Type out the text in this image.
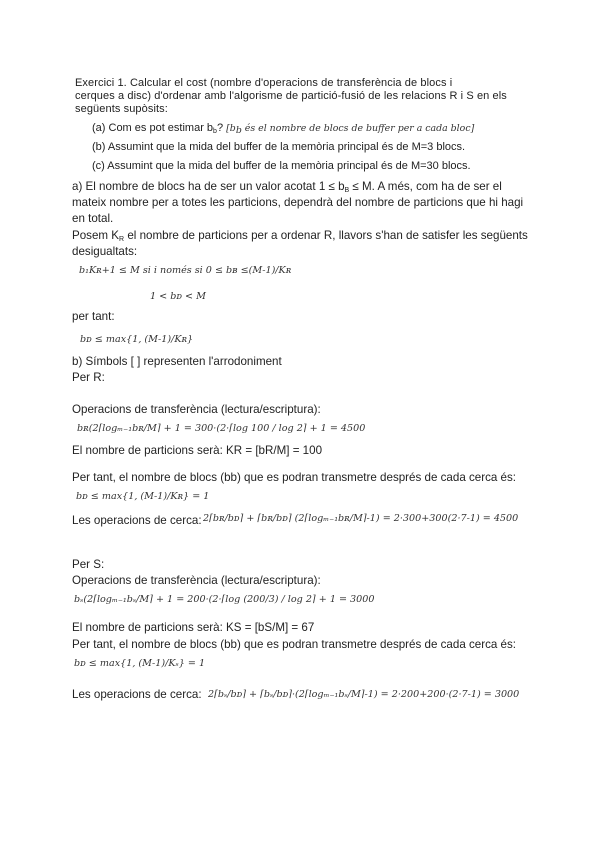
Exercici 1. Calcular el cost (nombre d'operacions de transferència de blocs i
cerques a disc) d'ordenar amb l'algorisme de partició-fusió de les relacions R i S en els
següents supòsits:
(a) Com es pot estimar $b_b$? [bb és el nombre de blocs de buffer per a cada bloc]
(b) Assumint que la mida del buffer de la memòria principal és de M=3 blocs.
(c) Assumint que la mida del buffer de la memòria principal és de M=30 blocs.
a) El nombre de blocs ha de ser un valor acotat $1 \le b_B \le M$. A més, com ha de ser el
mateix nombre per a totes les particions, dependrà del nombre de particions que hi hagi
en total.
Posem $K_R$ el nombre de particions per a ordenar R, llavors s'han de satisfer les següents
desigualtats:
b₁Kʀ+1 ≤ M si i només si 0 ≤ bʙ ≤(M-1)/Kʀ
1 < bᴅ < M
per tant:
bᴅ ≤ max{1, (M-1)/Kʀ}
b) Símbols [ ] representen l'arrodoniment
Per R:
Operacions de transferència (lectura/escriptura):
bʀ(2⌈logₘ₋₁bʀ/M⌉ + 1 = 300·(2·⌈log 100 / log 2⌉ + 1 = 4500
El nombre de particions serà: KR = [bR/M] = 100
Per tant, el nombre de blocs (bb) que es podran transmetre després de cada cerca és:
bᴅ ≤ max{1, (M-1)/Kʀ} = 1
Les operacions de cerca: 2⌈bʀ/bᴅ⌉ + ⌈bʀ/bᴅ⌉ (2⌈logₘ₋₁bʀ/M⌉-1) = 2·300+300(2·7-1) = 4500
Per S:
Operacions de transferència (lectura/escriptura):
bₛ(2⌈logₘ₋₁bₛ/M⌉ + 1 = 200·(2·⌈log (200/3) / log 2⌉ + 1 = 3000
El nombre de particions serà: KS = [bS/M] = 67
Per tant, el nombre de blocs (bb) que es podran transmetre després de cada cerca és:
bᴅ ≤ max{1, (M-1)/Kₛ} = 1
Les operacions de cerca: 2⌈bₛ/bᴅ⌉ + ⌈bₛ/bᴅ⌉·(2⌈logₘ₋₁bₛ/M⌉-1) = 2·200+200·(2·7-1) = 3000
